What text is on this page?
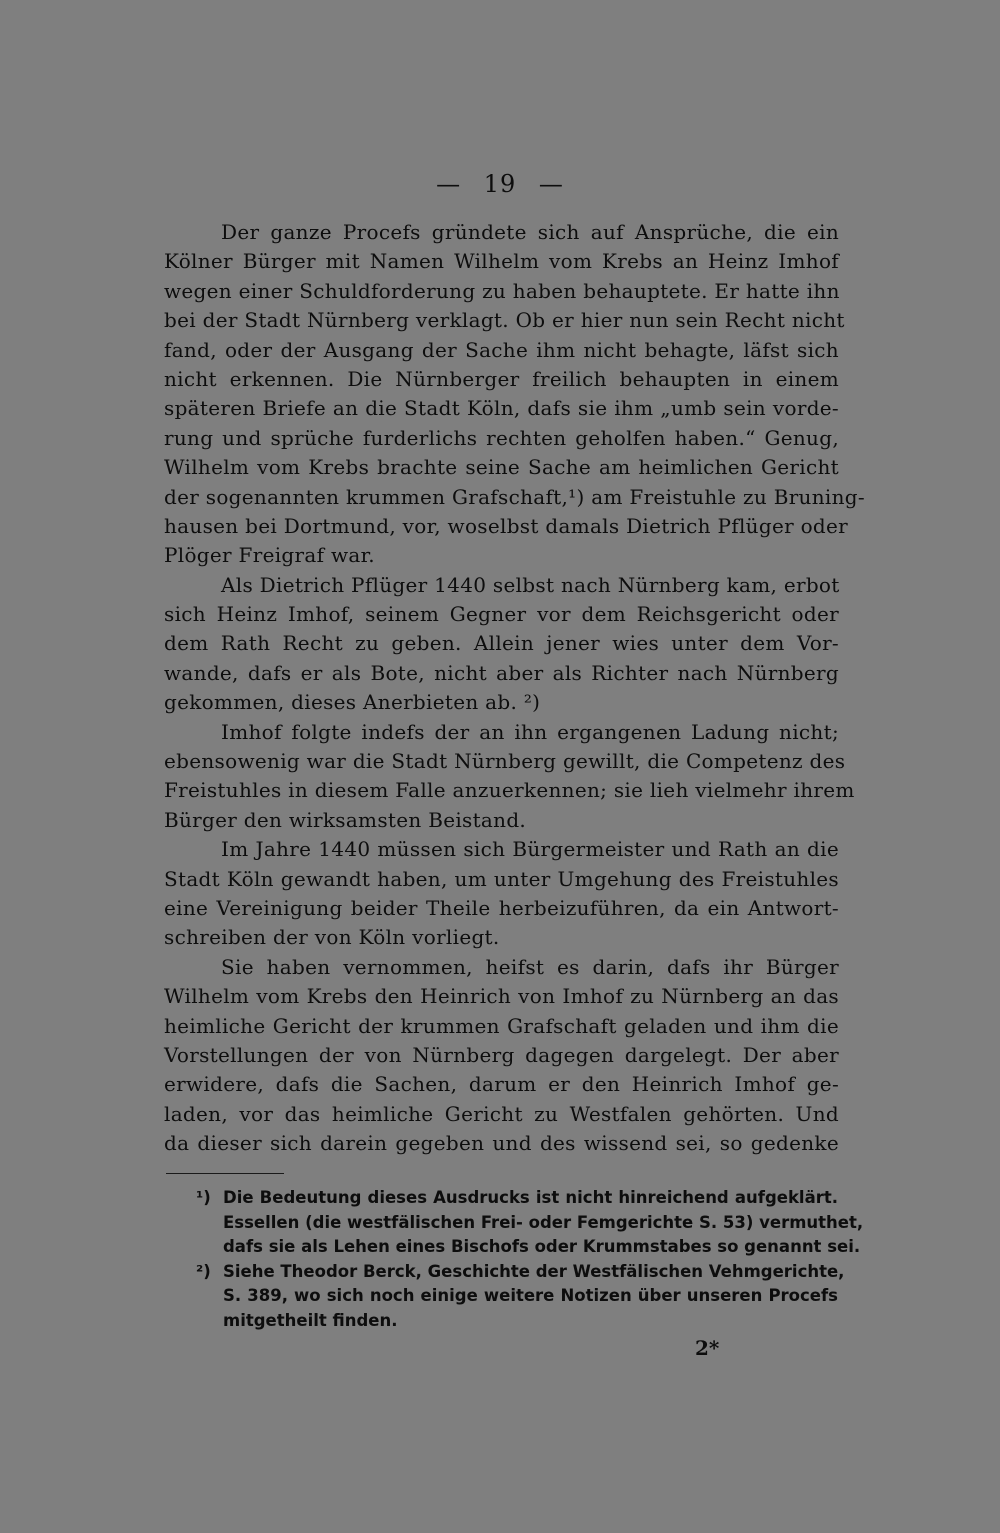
— 19 —
Der ganze Procefs gründete sich auf Ansprüche, die ein
Kölner Bürger mit Namen Wilhelm vom Krebs an Heinz Imhof
wegen einer Schuldforderung zu haben behauptete. Er hatte ihn
bei der Stadt Nürnberg verklagt. Ob er hier nun sein Recht nicht
fand, oder der Ausgang der Sache ihm nicht behagte, läfst sich
nicht erkennen. Die Nürnberger freilich behaupten in einem
späteren Briefe an die Stadt Köln, dafs sie ihm „umb sein vorde-
rung und sprüche furderlichs rechten geholfen haben.“ Genug,
Wilhelm vom Krebs brachte seine Sache am heimlichen Gericht
der sogenannten krummen Grafschaft,¹) am Freistuhle zu Bruning-
hausen bei Dortmund, vor, woselbst damals Dietrich Pflüger oder
Plöger Freigraf war.
Als Dietrich Pflüger 1440 selbst nach Nürnberg kam, erbot
sich Heinz Imhof, seinem Gegner vor dem Reichsgericht oder
dem Rath Recht zu geben. Allein jener wies unter dem Vor-
wande, dafs er als Bote, nicht aber als Richter nach Nürnberg
gekommen, dieses Anerbieten ab. ²)
Imhof folgte indefs der an ihn ergangenen Ladung nicht;
ebensowenig war die Stadt Nürnberg gewillt, die Competenz des
Freistuhles in diesem Falle anzuerkennen; sie lieh vielmehr ihrem
Bürger den wirksamsten Beistand.
Im Jahre 1440 müssen sich Bürgermeister und Rath an die
Stadt Köln gewandt haben, um unter Umgehung des Freistuhles
eine Vereinigung beider Theile herbeizuführen, da ein Antwort-
schreiben der von Köln vorliegt.
Sie haben vernommen, heifst es darin, dafs ihr Bürger
Wilhelm vom Krebs den Heinrich von Imhof zu Nürnberg an das
heimliche Gericht der krummen Grafschaft geladen und ihm die
Vorstellungen der von Nürnberg dagegen dargelegt. Der aber
erwidere, dafs die Sachen, darum er den Heinrich Imhof ge-
laden, vor das heimliche Gericht zu Westfalen gehörten. Und
da dieser sich darein gegeben und des wissend sei, so gedenke
¹) Die Bedeutung dieses Ausdrucks ist nicht hinreichend aufgeklärt.
Essellen (die westfälischen Frei- oder Femgerichte S. 53) vermuthet,
dafs sie als Lehen eines Bischofs oder Krummstabes so genannt sei.
²) Siehe Theodor Berck, Geschichte der Westfälischen Vehmgerichte,
S. 389, wo sich noch einige weitere Notizen über unseren Procefs
mitgetheilt finden.
2*
